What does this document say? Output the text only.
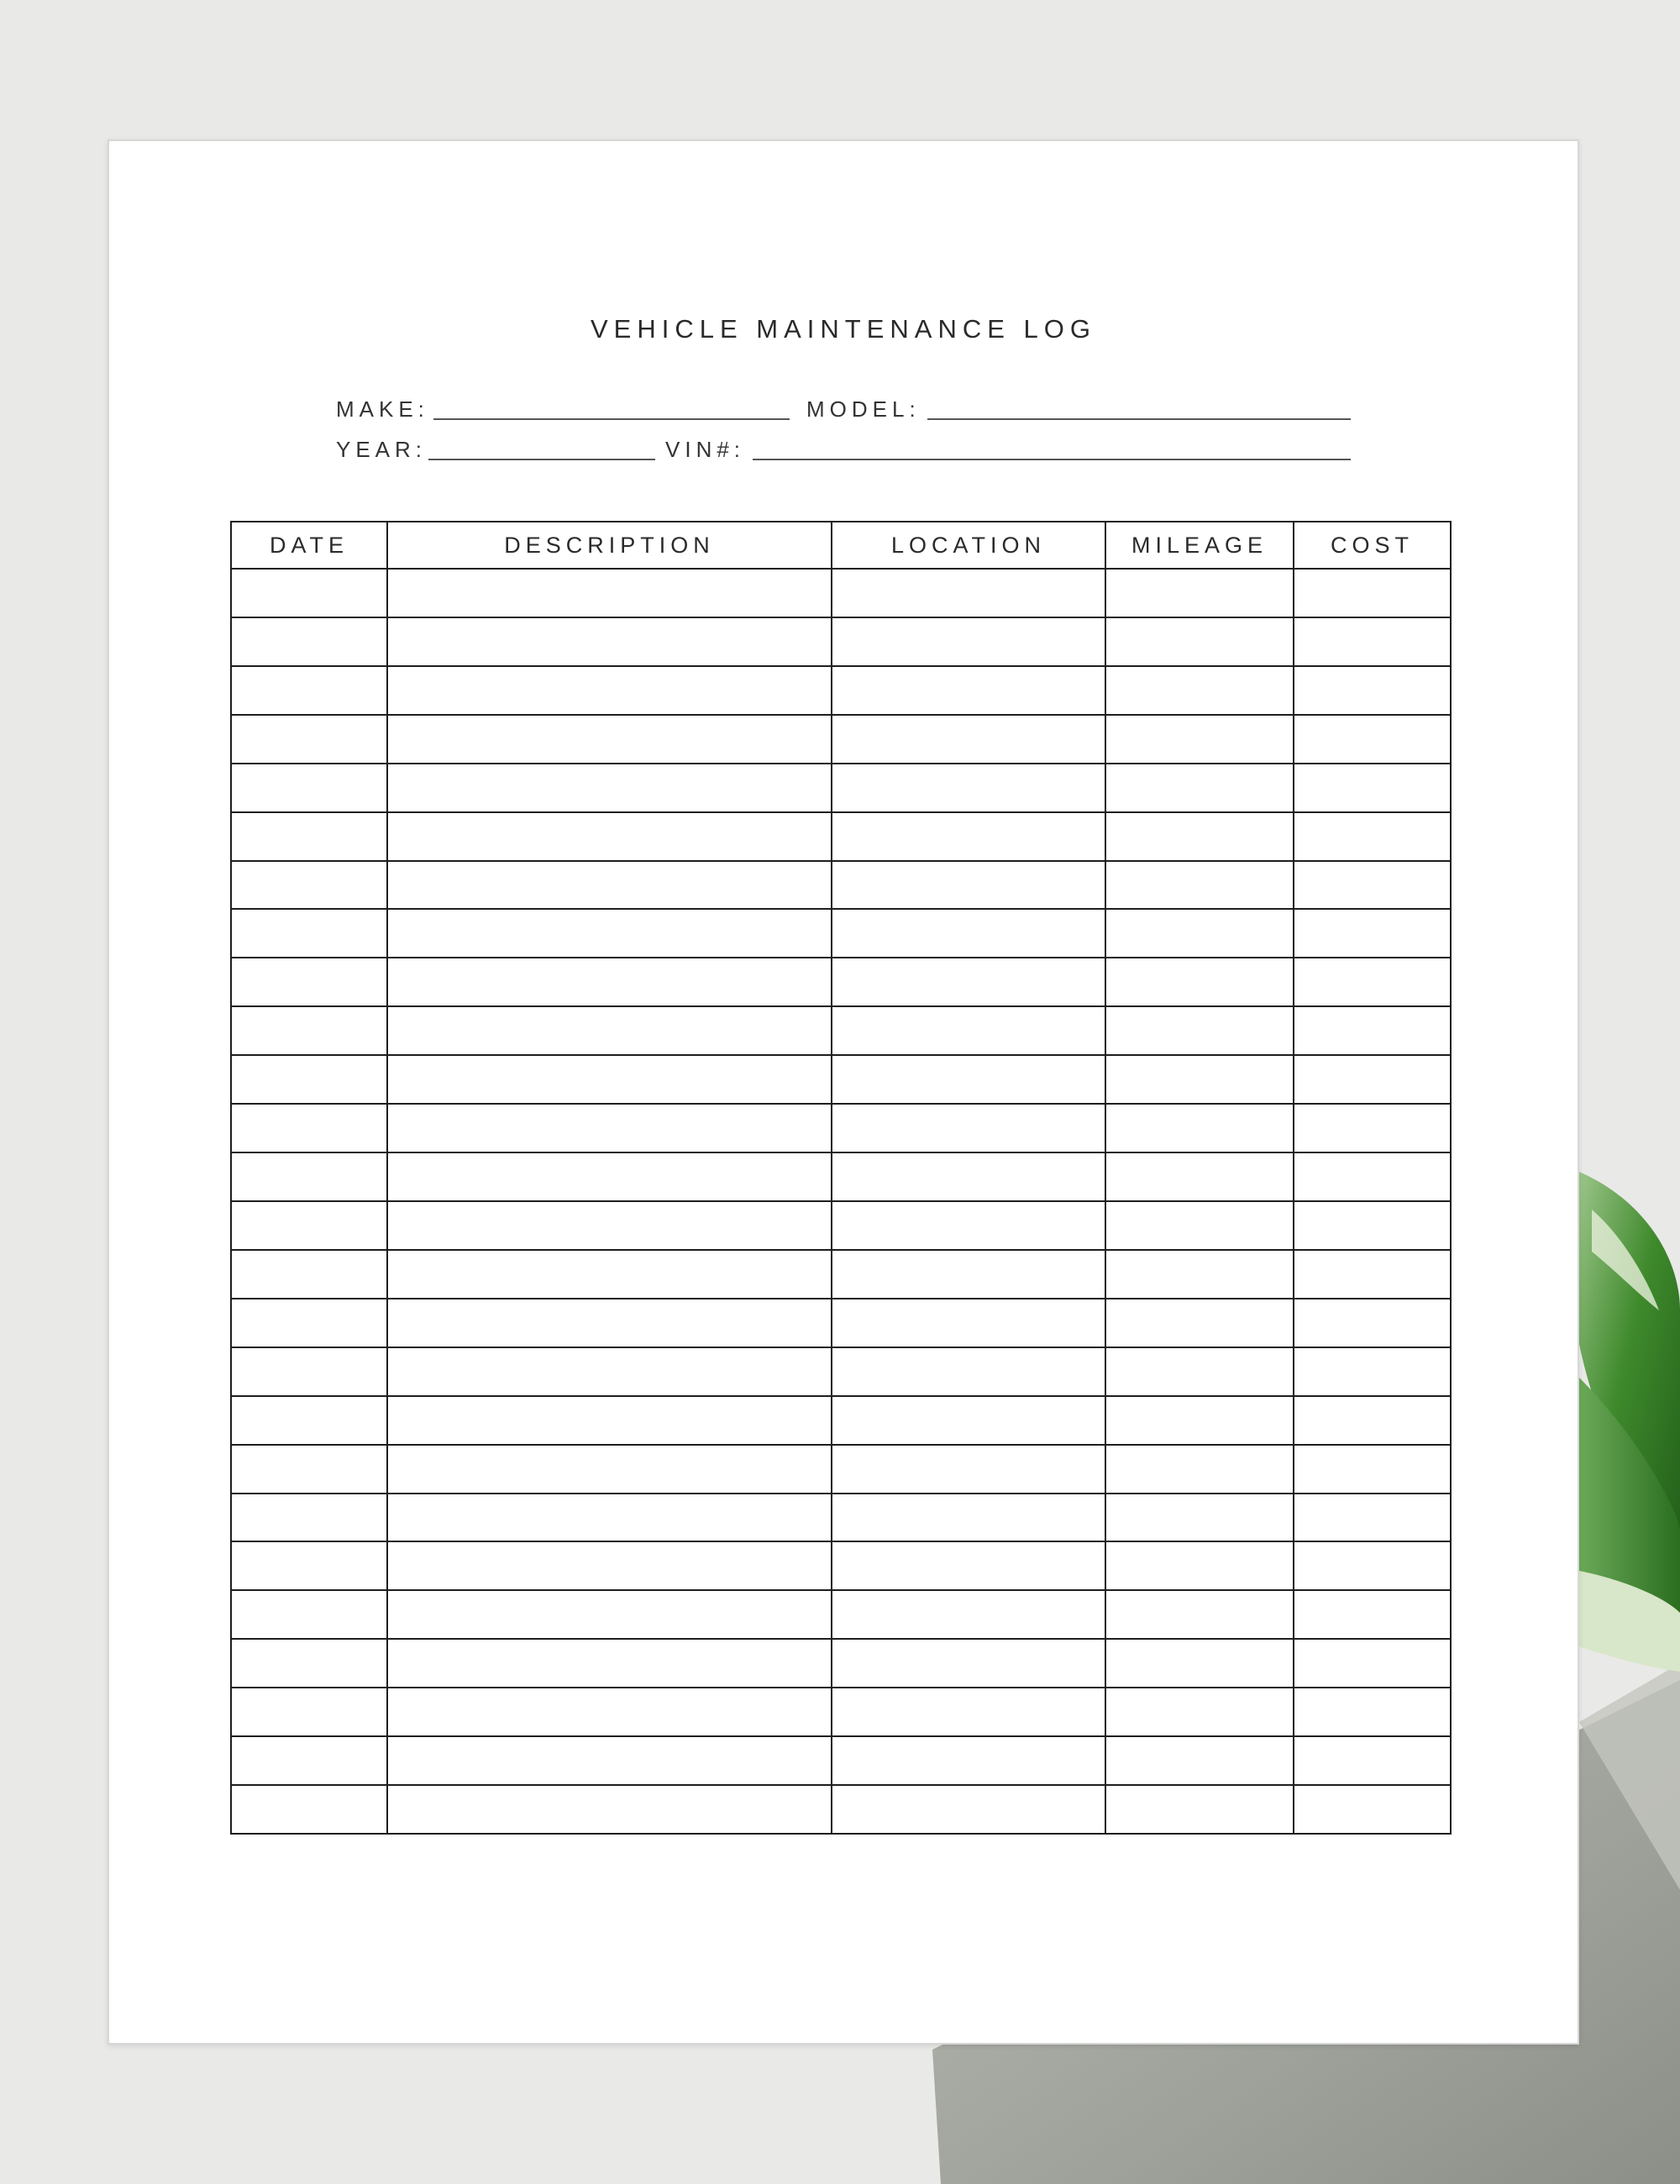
VEHICLE MAINTENANCE LOG
MAKE:	MODEL:
YEAR:	VIN#:
DATE	DESCRIPTION	LOCATION	MILEAGE	COST
